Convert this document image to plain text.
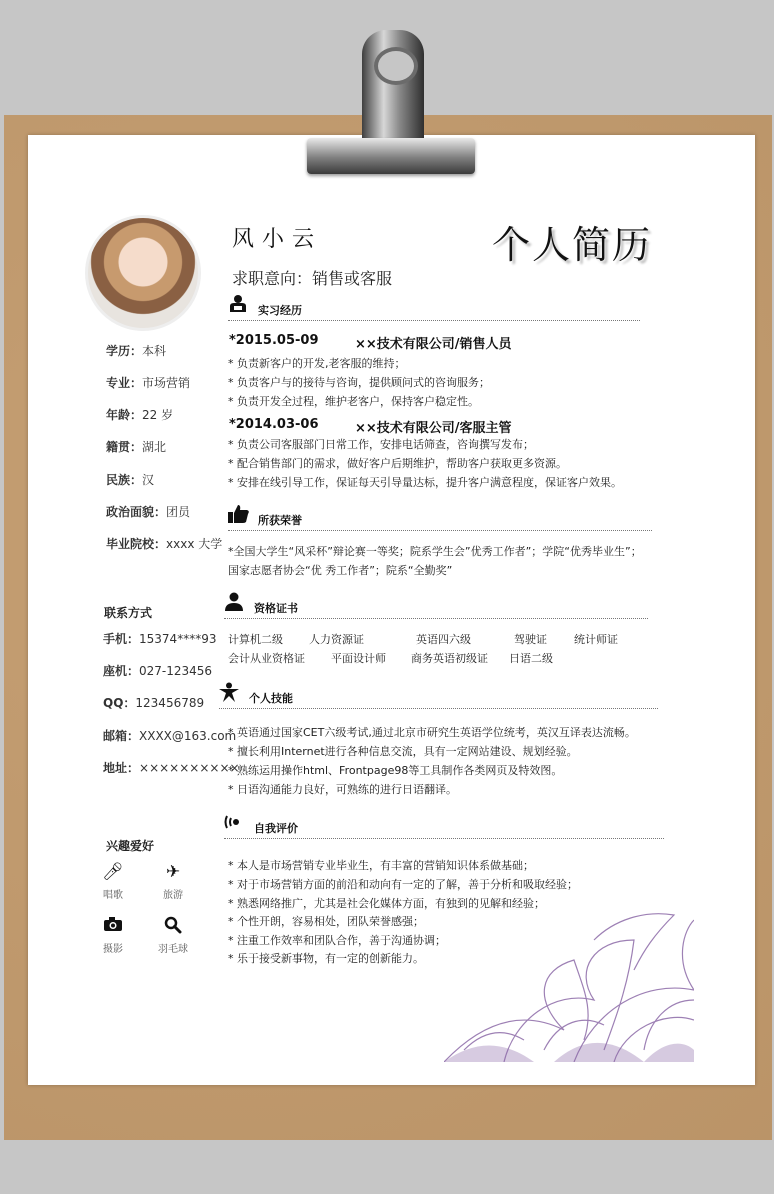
风小云
求职意向：销售或客服
个人简历
学历：本科
专业：市场营销
年龄：22 岁
籍贯：湖北
民族：汉
政治面貌：团员
毕业院校：xxxx 大学
联系方式
手机：15374****93
座机：027-123456
QQ：123456789
邮箱：XXXX@163.com
地址：××××××××××
兴趣爱好
🎤︎
唱歌
✈
旅游
摄影	羽毛球
实习经历
*2015.05-09	××技术有限公司/销售人员
* 负责新客户的开发,老客服的维持；
* 负责客户与的接待与咨询，提供顾问式的咨询服务；
* 负责开发全过程，维护老客户，保持客户稳定性。
*2014.03-06	××技术有限公司/客服主管
* 负责公司客服部门日常工作，安排电话筛查，咨询撰写发布；
* 配合销售部门的需求，做好客户后期维护，帮助客户获取更多资源。
* 安排在线引导工作，保证每天引导量达标，提升客户满意程度，保证客户效果。
所获荣誉
*全国大学生“风采杯”辩论赛一等奖；院系学生会”优秀工作者”；学院“优秀毕业生”；
国家志愿者协会“优 秀工作者”；院系“全勤奖”
资格证书
计算机二级 人力资源证	英语四六级	驾驶证 统计师证
会计从业资格证 平面设计师 商务英语初级证 日语二级
个人技能
* 英语通过国家CET六级考试,通过北京市研究生英语学位统考，英汉互译表达流畅。
* 擅长利用Internet进行各种信息交流，具有一定网站建设、规划经验。
* 熟练运用操作html、Frontpage98等工具制作各类网页及特效图。
* 日语沟通能力良好，可熟练的进行日语翻译。
自我评价
* 本人是市场营销专业毕业生，有丰富的营销知识体系做基础；
* 对于市场营销方面的前沿和动向有一定的了解，善于分析和吸取经验；
* 熟悉网络推广，尤其是社会化媒体方面，有独到的见解和经验；
* 个性开朗，容易相处，团队荣誉感强；
* 注重工作效率和团队合作，善于沟通协调；
* 乐于接受新事物，有一定的创新能力。
